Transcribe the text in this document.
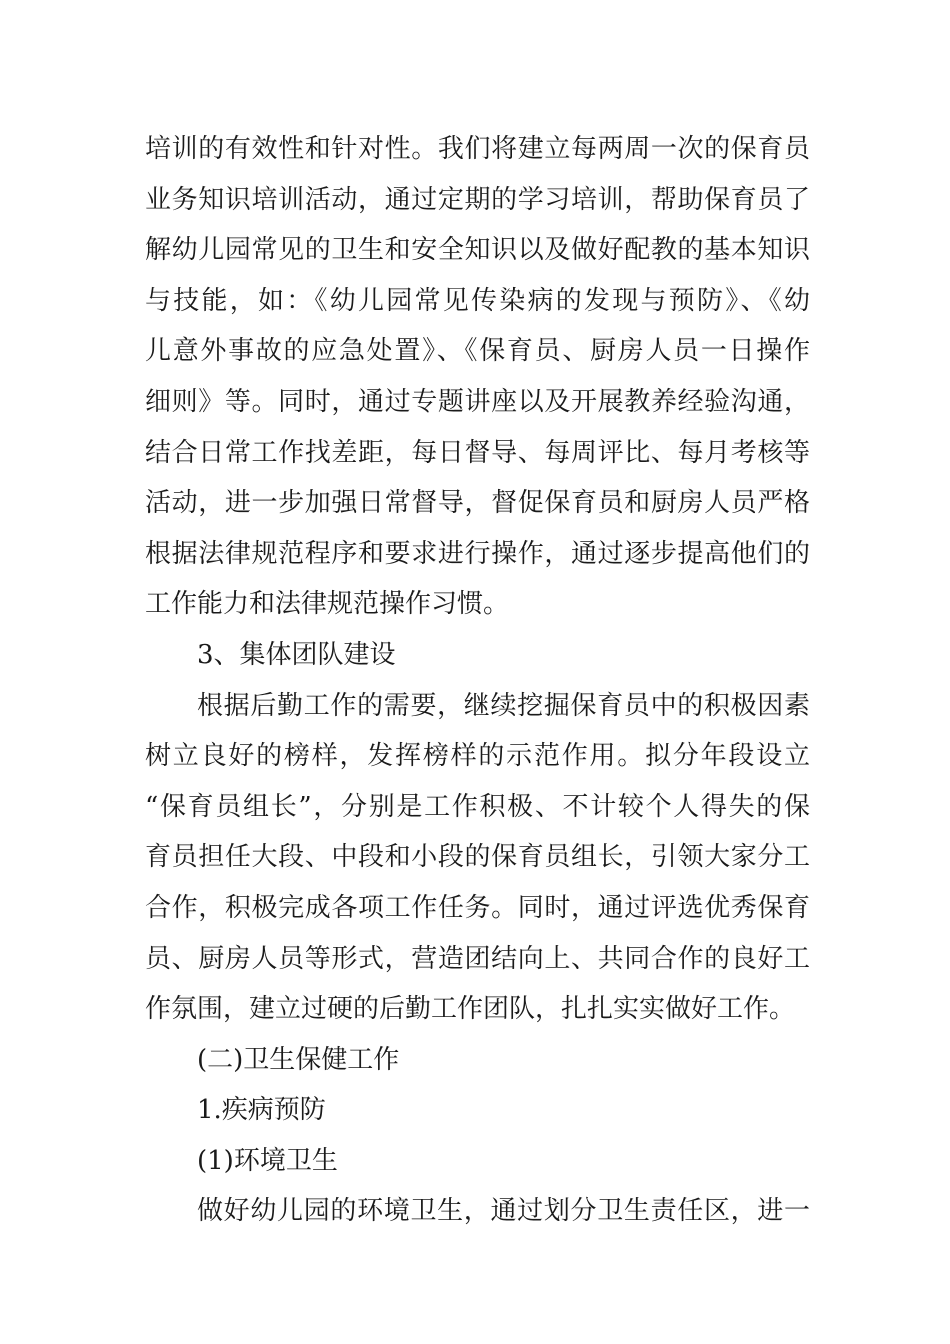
培训的有效性和针对性。我们将建立每两周一次的保育员
业务知识培训活动，通过定期的学习培训，帮助保育员了
解幼儿园常见的卫生和安全知识以及做好配教的基本知识
与技能，如：《幼儿园常见传染病的发现与预防》、《幼
儿意外事故的应急处置》、《保育员、厨房人员一日操作
细则》等。同时，通过专题讲座以及开展教养经验沟通，
结合日常工作找差距，每日督导、每周评比、每月考核等
活动，进一步加强日常督导，督促保育员和厨房人员严格
根据法律规范程序和要求进行操作，通过逐步提高他们的
工作能力和法律规范操作习惯。
3、集体团队建设
根据后勤工作的需要，继续挖掘保育员中的积极因素
树立良好的榜样，发挥榜样的示范作用。拟分年段设立
“保育员组长”，分别是工作积极、不计较个人得失的保
育员担任大段、中段和小段的保育员组长，引领大家分工
合作，积极完成各项工作任务。同时，通过评选优秀保育
员、厨房人员等形式，营造团结向上、共同合作的良好工
作氛围，建立过硬的后勤工作团队，扎扎实实做好工作。
(二)卫生保健工作
1.疾病预防
(1)环境卫生
做好幼儿园的环境卫生，通过划分卫生责任区，进一
